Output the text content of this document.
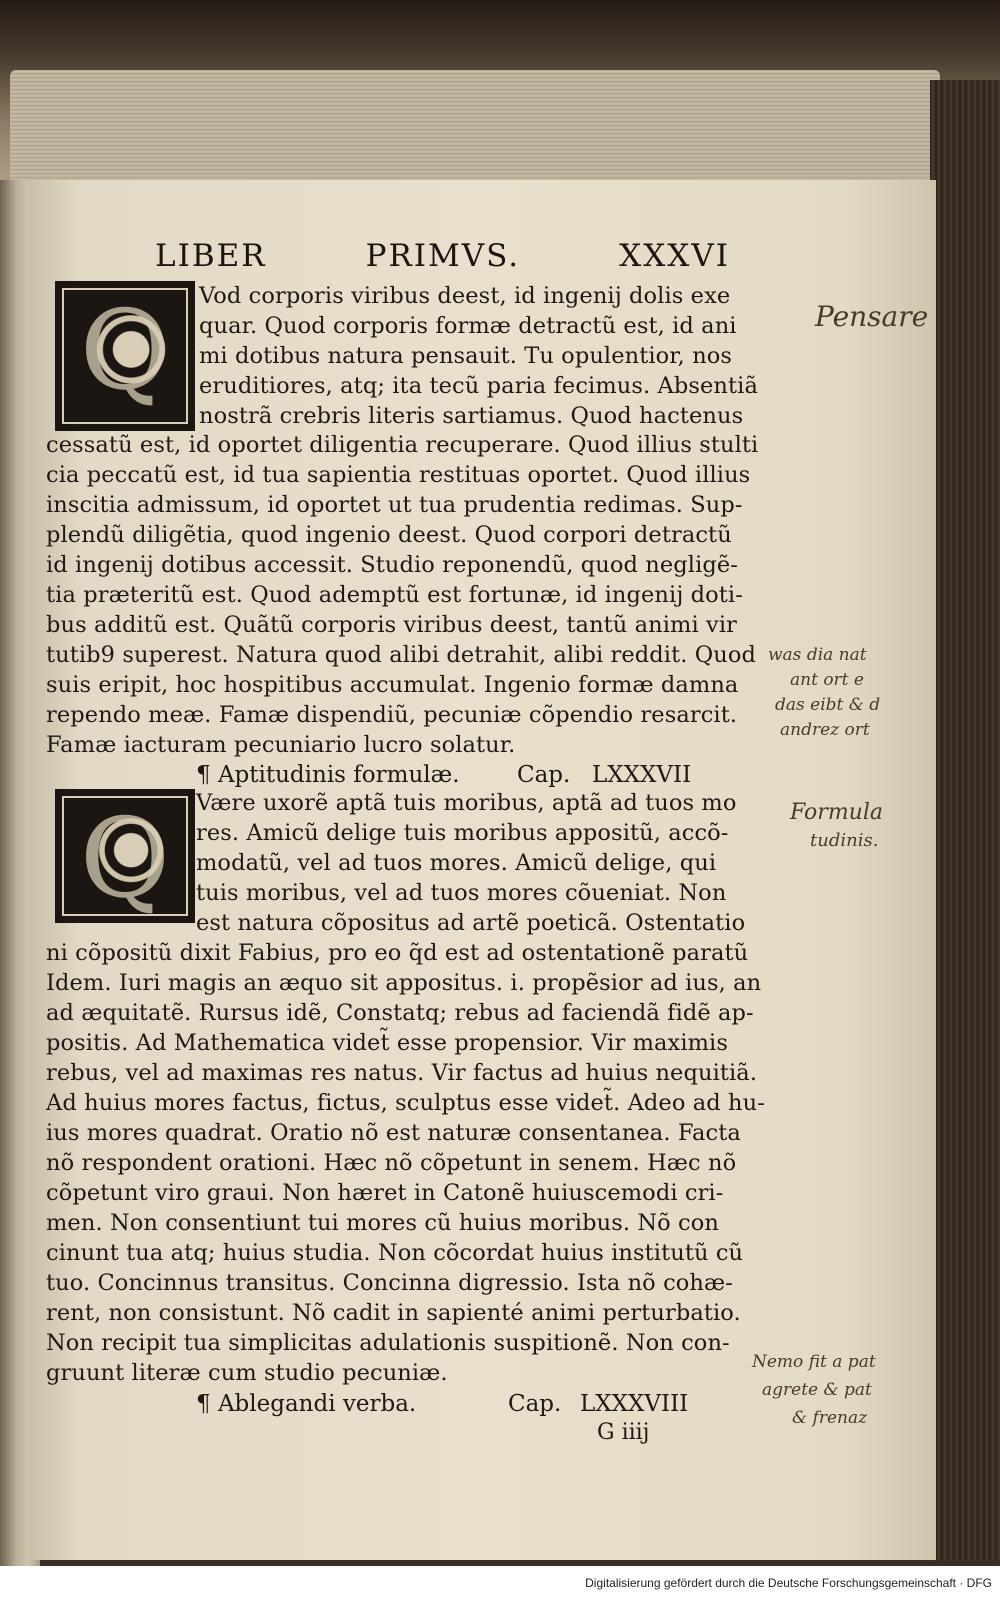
LIBER	PRIMVS.	XXXVI
Q	Vod corporis viribus deest, id ingenij dolis exe
quar. Quod corporis formæ detractũ est, id ani
mi dotibus natura pensauit. Tu opulentior, nos
eruditiores, atq; ita tecũ paria fecimus. Absentiã
nostrã crebris literis sartiamus. Quod hactenus
cessatũ est, id oportet diligentia recuperare. Quod illius stulti
cia peccatũ est, id tua sapientia restituas oportet. Quod illius
inscitia admissum, id oportet ut tua prudentia redimas. Sup-
plendũ diligẽtia, quod ingenio deest. Quod corpori detractũ
id ingenij dotibus accessit. Studio reponendũ, quod negligẽ-
tia præteritũ est. Quod ademptũ est fortunæ, id ingenij doti-
bus additũ est. Quãtũ corporis viribus deest, tantũ animi vir
tutib9 superest. Natura quod alibi detrahit, alibi reddit. Quod
suis eripit, hoc hospitibus accumulat. Ingenio formæ damna
rependo meæ. Famæ dispendiũ, pecuniæ cõpendio resarcit.
Famæ iacturam pecuniario lucro solatur.
¶ Aptitudinis formulæ. Cap. LXXXVII
Q	Være uxorẽ aptã tuis moribus, aptã ad tuos mo
res. Amicũ delige tuis moribus appositũ, accõ-
modatũ, vel ad tuos mores. Amicũ delige, qui
tuis moribus, vel ad tuos mores cõueniat. Non
est natura cõpositus ad artẽ poeticã. Ostentatio
ni cõpositũ dixit Fabius, pro eo q̃d est ad ostentationẽ paratũ
Idem. Iuri magis an æquo sit appositus. i. propẽsior ad ius, an
ad æquitatẽ. Rursus idẽ, Constatq; rebus ad faciendã fidẽ ap-
positis. Ad Mathematica videt̃ esse propensior. Vir maximis
rebus, vel ad maximas res natus. Vir factus ad huius nequitiã.
Ad huius mores factus, fictus, sculptus esse videt̃. Adeo ad hu-
ius mores quadrat. Oratio nõ est naturæ consentanea. Facta
nõ respondent orationi. Hæc nõ cõpetunt in senem. Hæc nõ
cõpetunt viro graui. Non hæret in Catonẽ huiuscemodi cri-
men. Non consentiunt tui mores cũ huius moribus. Nõ con
cinunt tua atq; huius studia. Non cõcordat huius institutũ cũ
tuo. Concinnus transitus. Concinna digressio. Ista nõ cohæ-
rent, non consistunt. Nõ cadit in sapienté animi perturbatio.
Non recipit tua simplicitas adulationis suspitionẽ. Non con-
gruunt literæ cum studio pecuniæ.
¶ Ablegandi verba.	Cap. LXXXVIII
G iiij
Pensare
was dia nat
ant ort e
das eibt & d
andrez ort
Formula
tudinis.
Nemo fit a pat
agrete & pat
& frenaz
Digitalisierung gefördert durch die Deutsche Forschungsgemeinschaft · DFG
